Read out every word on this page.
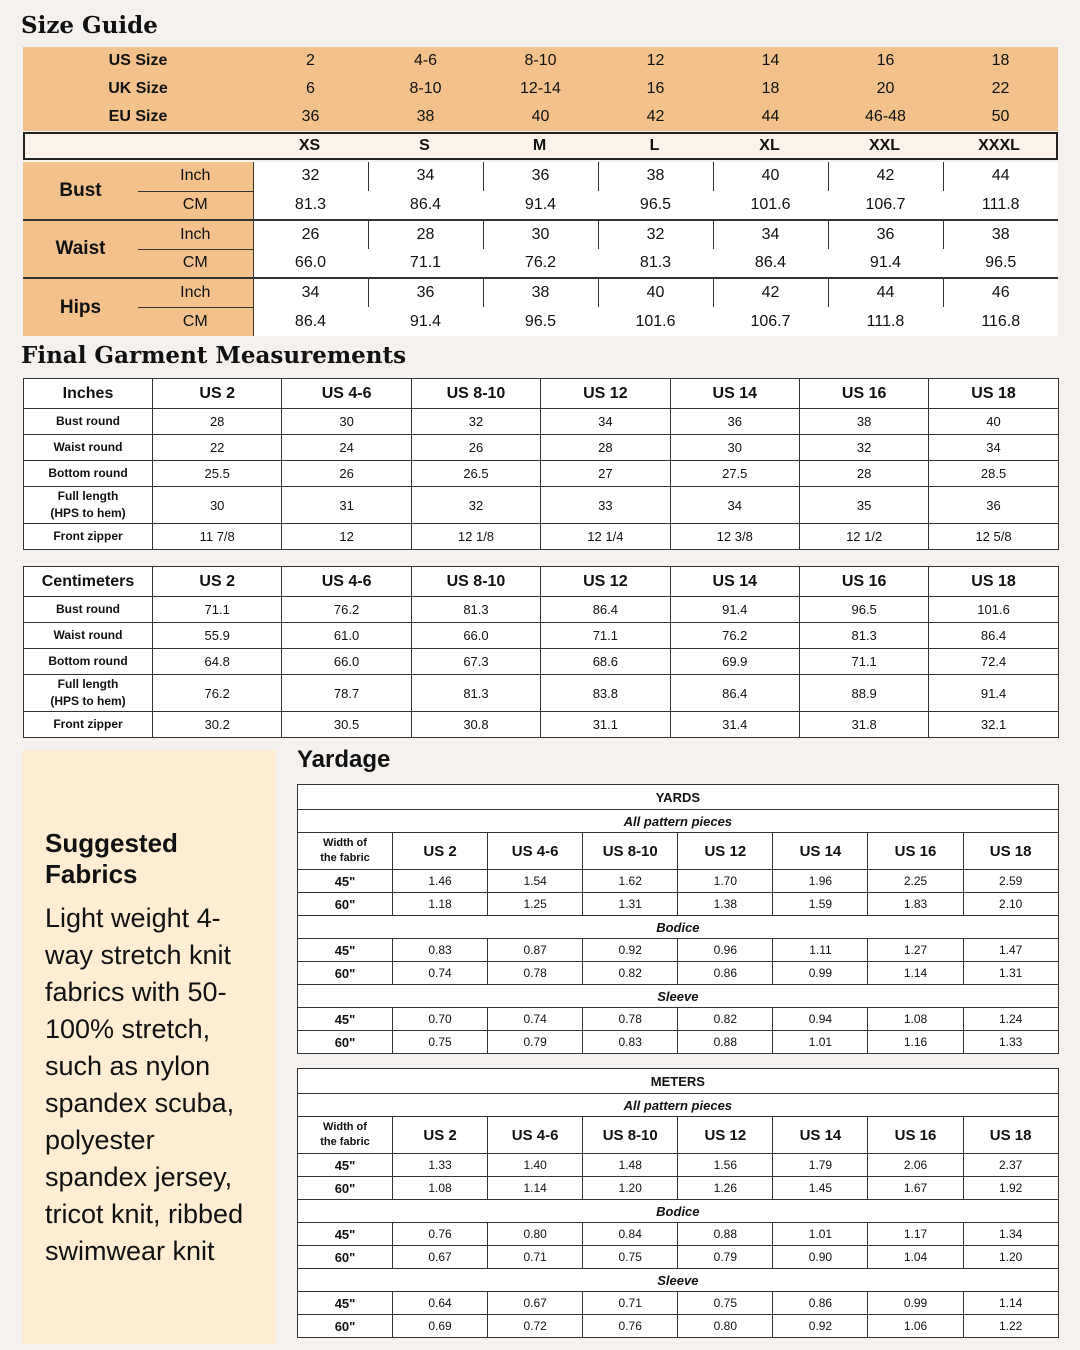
Size Guide
US Size	2	4-6	8-10	12	14	16	18
UK Size	6	8-10	12-14	16	18	20	22
EU Size	36	38	40	42	44	46-48	50
	XS	S	M	L	XL	XXL	XXXL
Bust	Inch	32	34	36	38	40	42	44
	CM	81.3	86.4	91.4	96.5	101.6	106.7	111.8
Waist	Inch	26	28	30	32	34	36	38
	CM	66.0	71.1	76.2	81.3	86.4	91.4	96.5
Hips	Inch	34	36	38	40	42	44	46
	CM	86.4	91.4	96.5	101.6	106.7	111.8	116.8
Final Garment Measurements
Inches	US 2	US 4-6	US 8-10	US 12	US 14	US 16	US 18

Bust round	28	30	32	34	36	38	40

Waist round	22	24	26	28	30	32	34

Bottom round	25.5	26	26.5	27	27.5	28	28.5

Full length
(HPS to hem)	30	31	32	33	34	35	36

Front zipper	11 7/8	12	12 1/8	12 1/4	12 3/8	12 1/2	12 5/8
Centimeters	US 2	US 4-6	US 8-10	US 12	US 14	US 16	US 18

Bust round	71.1	76.2	81.3	86.4	91.4	96.5	101.6

Waist round	55.9	61.0	66.0	71.1	76.2	81.3	86.4

Bottom round	64.8	66.0	67.3	68.6	69.9	71.1	72.4

Full length
(HPS to hem)	76.2	78.7	81.3	83.8	86.4	88.9	91.4

Front zipper	30.2	30.5	30.8	31.1	31.4	31.8	32.1
Suggested Fabrics
Light weight 4-way stretch knit fabrics with 50-100% stretch, such as nylon spandex scuba, polyester spandex jersey, tricot knit, ribbed swimwear knit
Yardage
YARDS							
All pattern pieces							

Width of
the fabric	US 2	US 4-6	US 8-10	US 12	US 14	US 16	US 18
45"	1.46	1.54	1.62	1.70	1.96	2.25	2.59
60"	1.18	1.25	1.31	1.38	1.59	1.83	2.10
Bodice							
45"	0.83	0.87	0.92	0.96	1.11	1.27	1.47
60"	0.74	0.78	0.82	0.86	0.99	1.14	1.31
Sleeve							
45"	0.70	0.74	0.78	0.82	0.94	1.08	1.24
60"	0.75	0.79	0.83	0.88	1.01	1.16	1.33
METERS							
All pattern pieces							

Width of
the fabric	US 2	US 4-6	US 8-10	US 12	US 14	US 16	US 18
45"	1.33	1.40	1.48	1.56	1.79	2.06	2.37
60"	1.08	1.14	1.20	1.26	1.45	1.67	1.92
Bodice							
45"	0.76	0.80	0.84	0.88	1.01	1.17	1.34
60"	0.67	0.71	0.75	0.79	0.90	1.04	1.20
Sleeve							
45"	0.64	0.67	0.71	0.75	0.86	0.99	1.14
60"	0.69	0.72	0.76	0.80	0.92	1.06	1.22
